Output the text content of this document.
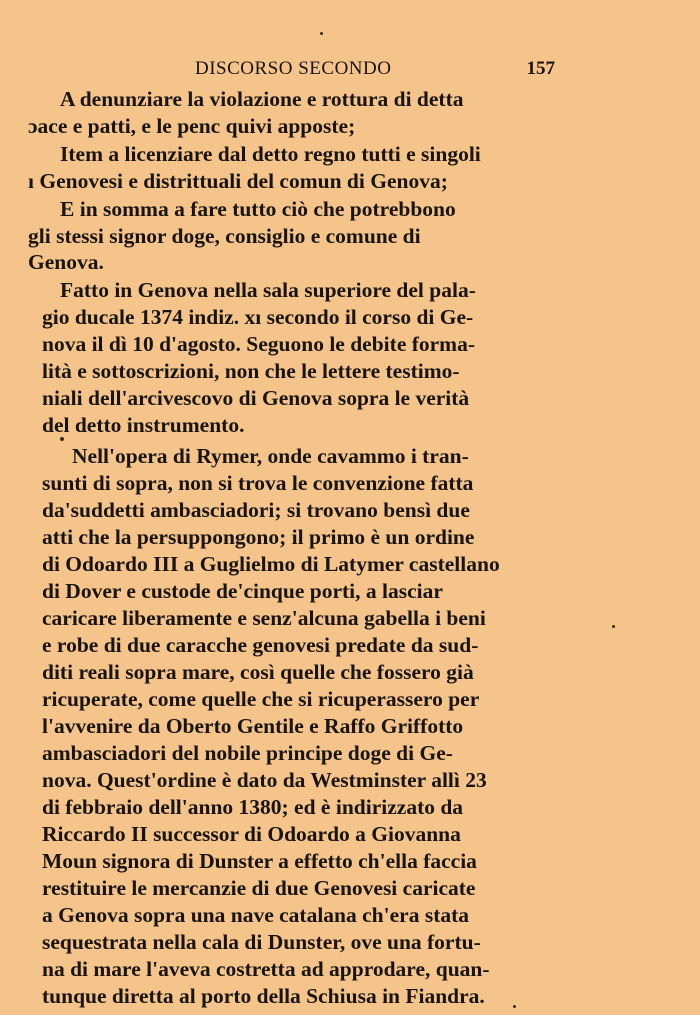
DISCORSO SECONDO	157
A denunziare la violazione e rottura di detta
ɔace e patti, e le penc quivi apposte;
Item a licenziare dal detto regno tutti e singoli
ı Genovesi e distrittuali del comun di Genova;
E in somma a fare tutto ciò che potrebbono
gli stessi signor doge, consiglio e comune di
Genova.
Fatto in Genova nella sala superiore del pala-
gio ducale 1374 indiz. xı secondo il corso di Ge-
nova il dì 10 d'agosto. Seguono le debite forma-
lità e sottoscrizioni, non che le lettere testimo-
niali dell'arcivescovo di Genova sopra le verità
del detto instrumento.
Nell'opera di Rymer, onde cavammo i tran-
sunti di sopra, non si trova le convenzione fatta
da'suddetti ambasciadori; si trovano bensì due
atti che la persuppongono; il primo è un ordine
di Odoardo III a Guglielmo di Latymer castellano
di Dover e custode de'cinque porti, a lasciar
caricare liberamente e senz'alcuna gabella i beni
e robe di due caracche genovesi predate da sud-
diti reali sopra mare, così quelle che fossero già
ricuperate, come quelle che si ricuperassero per
l'avvenire da Oberto Gentile e Raffo Griffotto
ambasciadori del nobile principe doge di Ge-
nova. Quest'ordine è dato da Westminster allì 23
di febbraio dell'anno 1380; ed è indirizzato da
Riccardo II successor di Odoardo a Giovanna
Moun signora di Dunster a effetto ch'ella faccia
restituire le mercanzie di due Genovesi caricate
a Genova sopra una nave catalana ch'era stata
sequestrata nella cala di Dunster, ove una fortu-
na di mare l'aveva costretta ad approdare, quan-
tunque diretta al porto della Schiusa in Fiandra.
